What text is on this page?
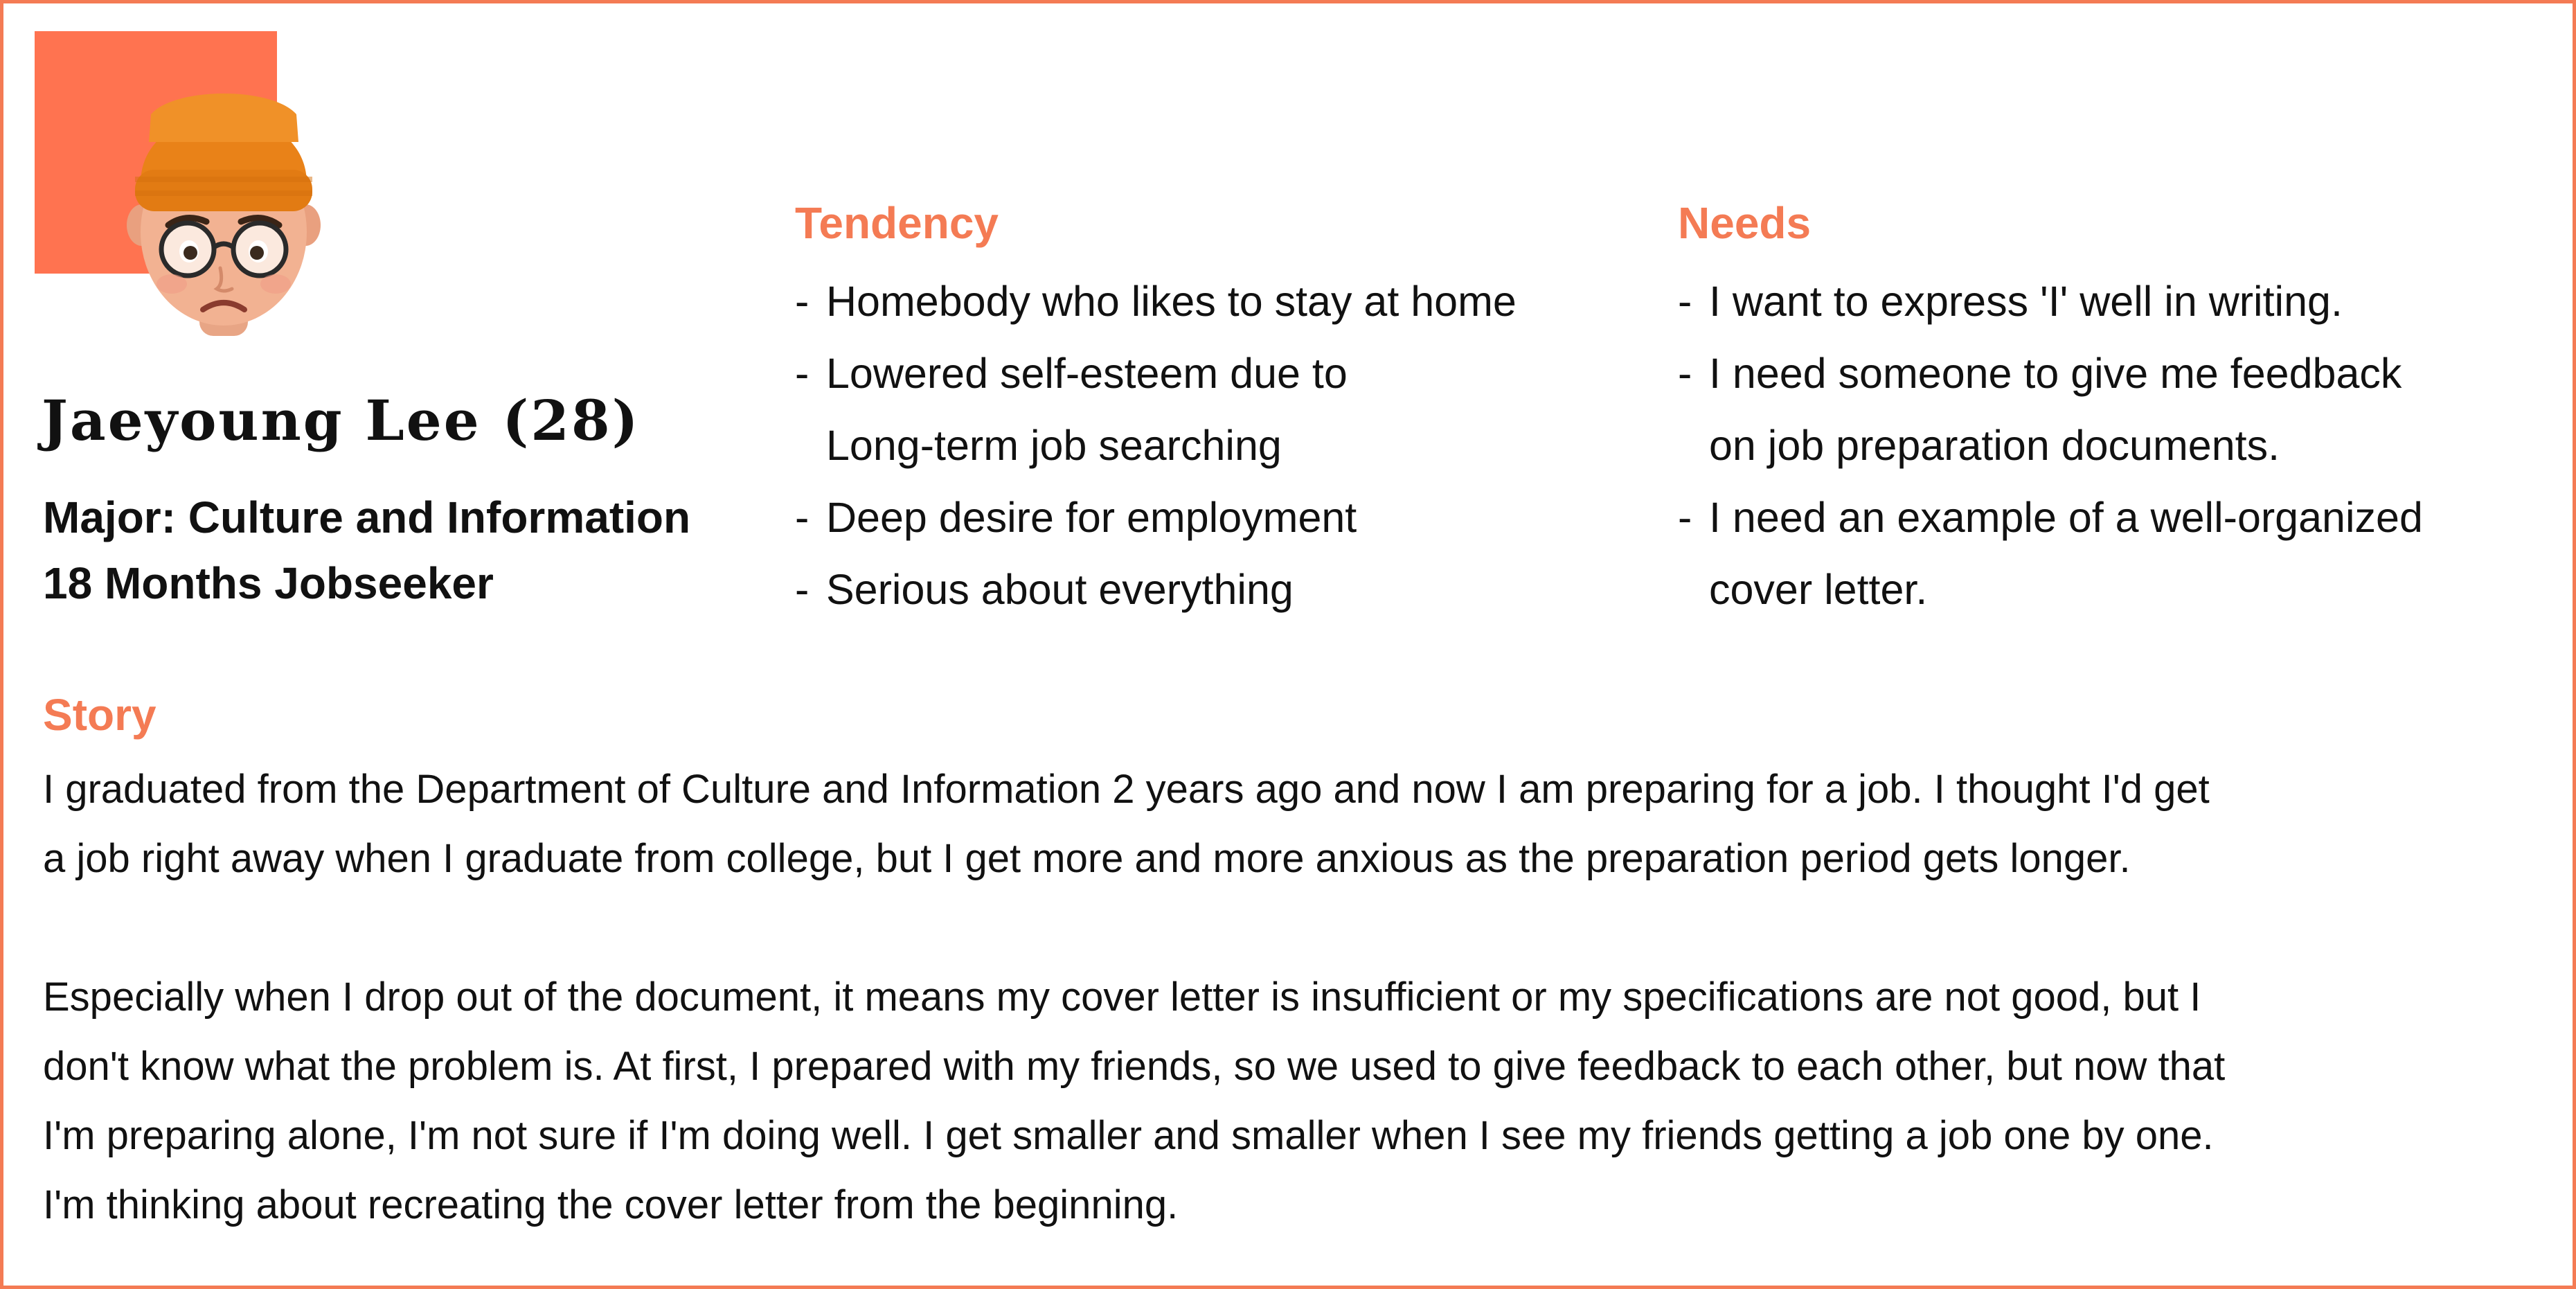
Jaeyoung Lee (28)
Major: Culture and Information
18 Months Jobseeker
Tendency
- Homebody who likes to stay at home
- Lowered self-esteem due to
Long-term job searching
- Deep desire for employment
- Serious about everything
Needs
- I want to express 'I' well in writing.
- I need someone to give me feedback
on job preparation documents.
- I need an example of a well-organized
cover letter.
Story
I graduated from the Department of Culture and Information 2 years ago and now I am preparing for a job. I thought I'd get
a job right away when I graduate from college, but I get more and more anxious as the preparation period gets longer.
Especially when I drop out of the document, it means my cover letter is insufficient or my specifications are not good, but I
don't know what the problem is. At first, I prepared with my friends, so we used to give feedback to each other, but now that
I'm preparing alone, I'm not sure if I'm doing well. I get smaller and smaller when I see my friends getting a job one by one.
I'm thinking about recreating the cover letter from the beginning.
